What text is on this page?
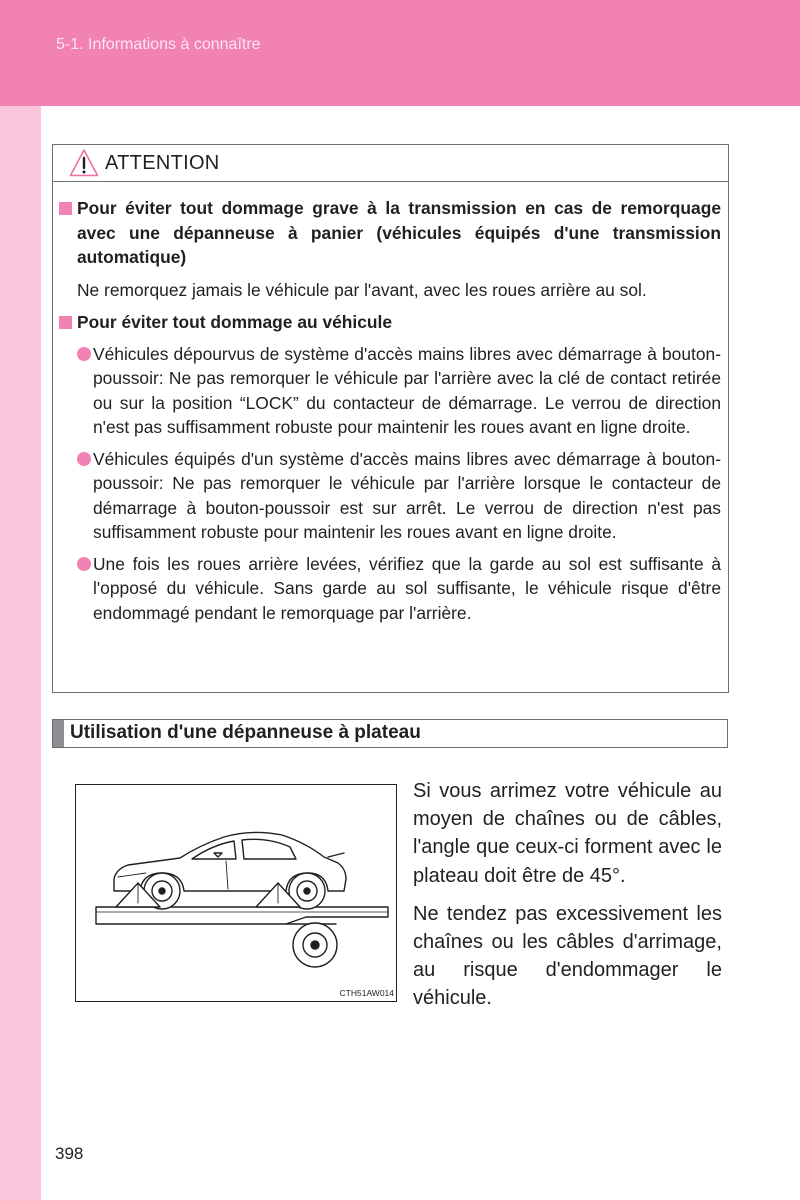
5-1. Informations à connaître
ATTENTION
Pour éviter tout dommage grave à la transmission en cas de remorquage avec une dépanneuse à panier (véhicules équipés d'une transmission automatique)
Ne remorquez jamais le véhicule par l'avant, avec les roues arrière au sol.
Pour éviter tout dommage au véhicule
Véhicules dépourvus de système d'accès mains libres avec démarrage à bouton-poussoir: Ne pas remorquer le véhicule par l'arrière avec la clé de contact retirée ou sur la position “LOCK” du contacteur de démarrage. Le verrou de direction n'est pas suffisamment robuste pour maintenir les roues avant en ligne droite.
Véhicules équipés d'un système d'accès mains libres avec démarrage à bouton-poussoir: Ne pas remorquer le véhicule par l'arrière lorsque le contacteur de démarrage à bouton-poussoir est sur arrêt. Le verrou de direction n'est pas suffisamment robuste pour maintenir les roues avant en ligne droite.
Une fois les roues arrière levées, vérifiez que la garde au sol est suffisante à l'opposé du véhicule. Sans garde au sol suffisante, le véhicule risque d'être endommagé pendant le remorquage par l'arrière.
Utilisation d'une dépanneuse à plateau
CTH51AW014

Si vous arrimez votre véhicule au moyen de chaînes ou de câbles, l'angle que ceux-ci forment avec le plateau doit être de 45°.

Ne tendez pas excessivement les chaînes ou les câbles d'arrimage, au risque d'endommager le véhicule.

398
